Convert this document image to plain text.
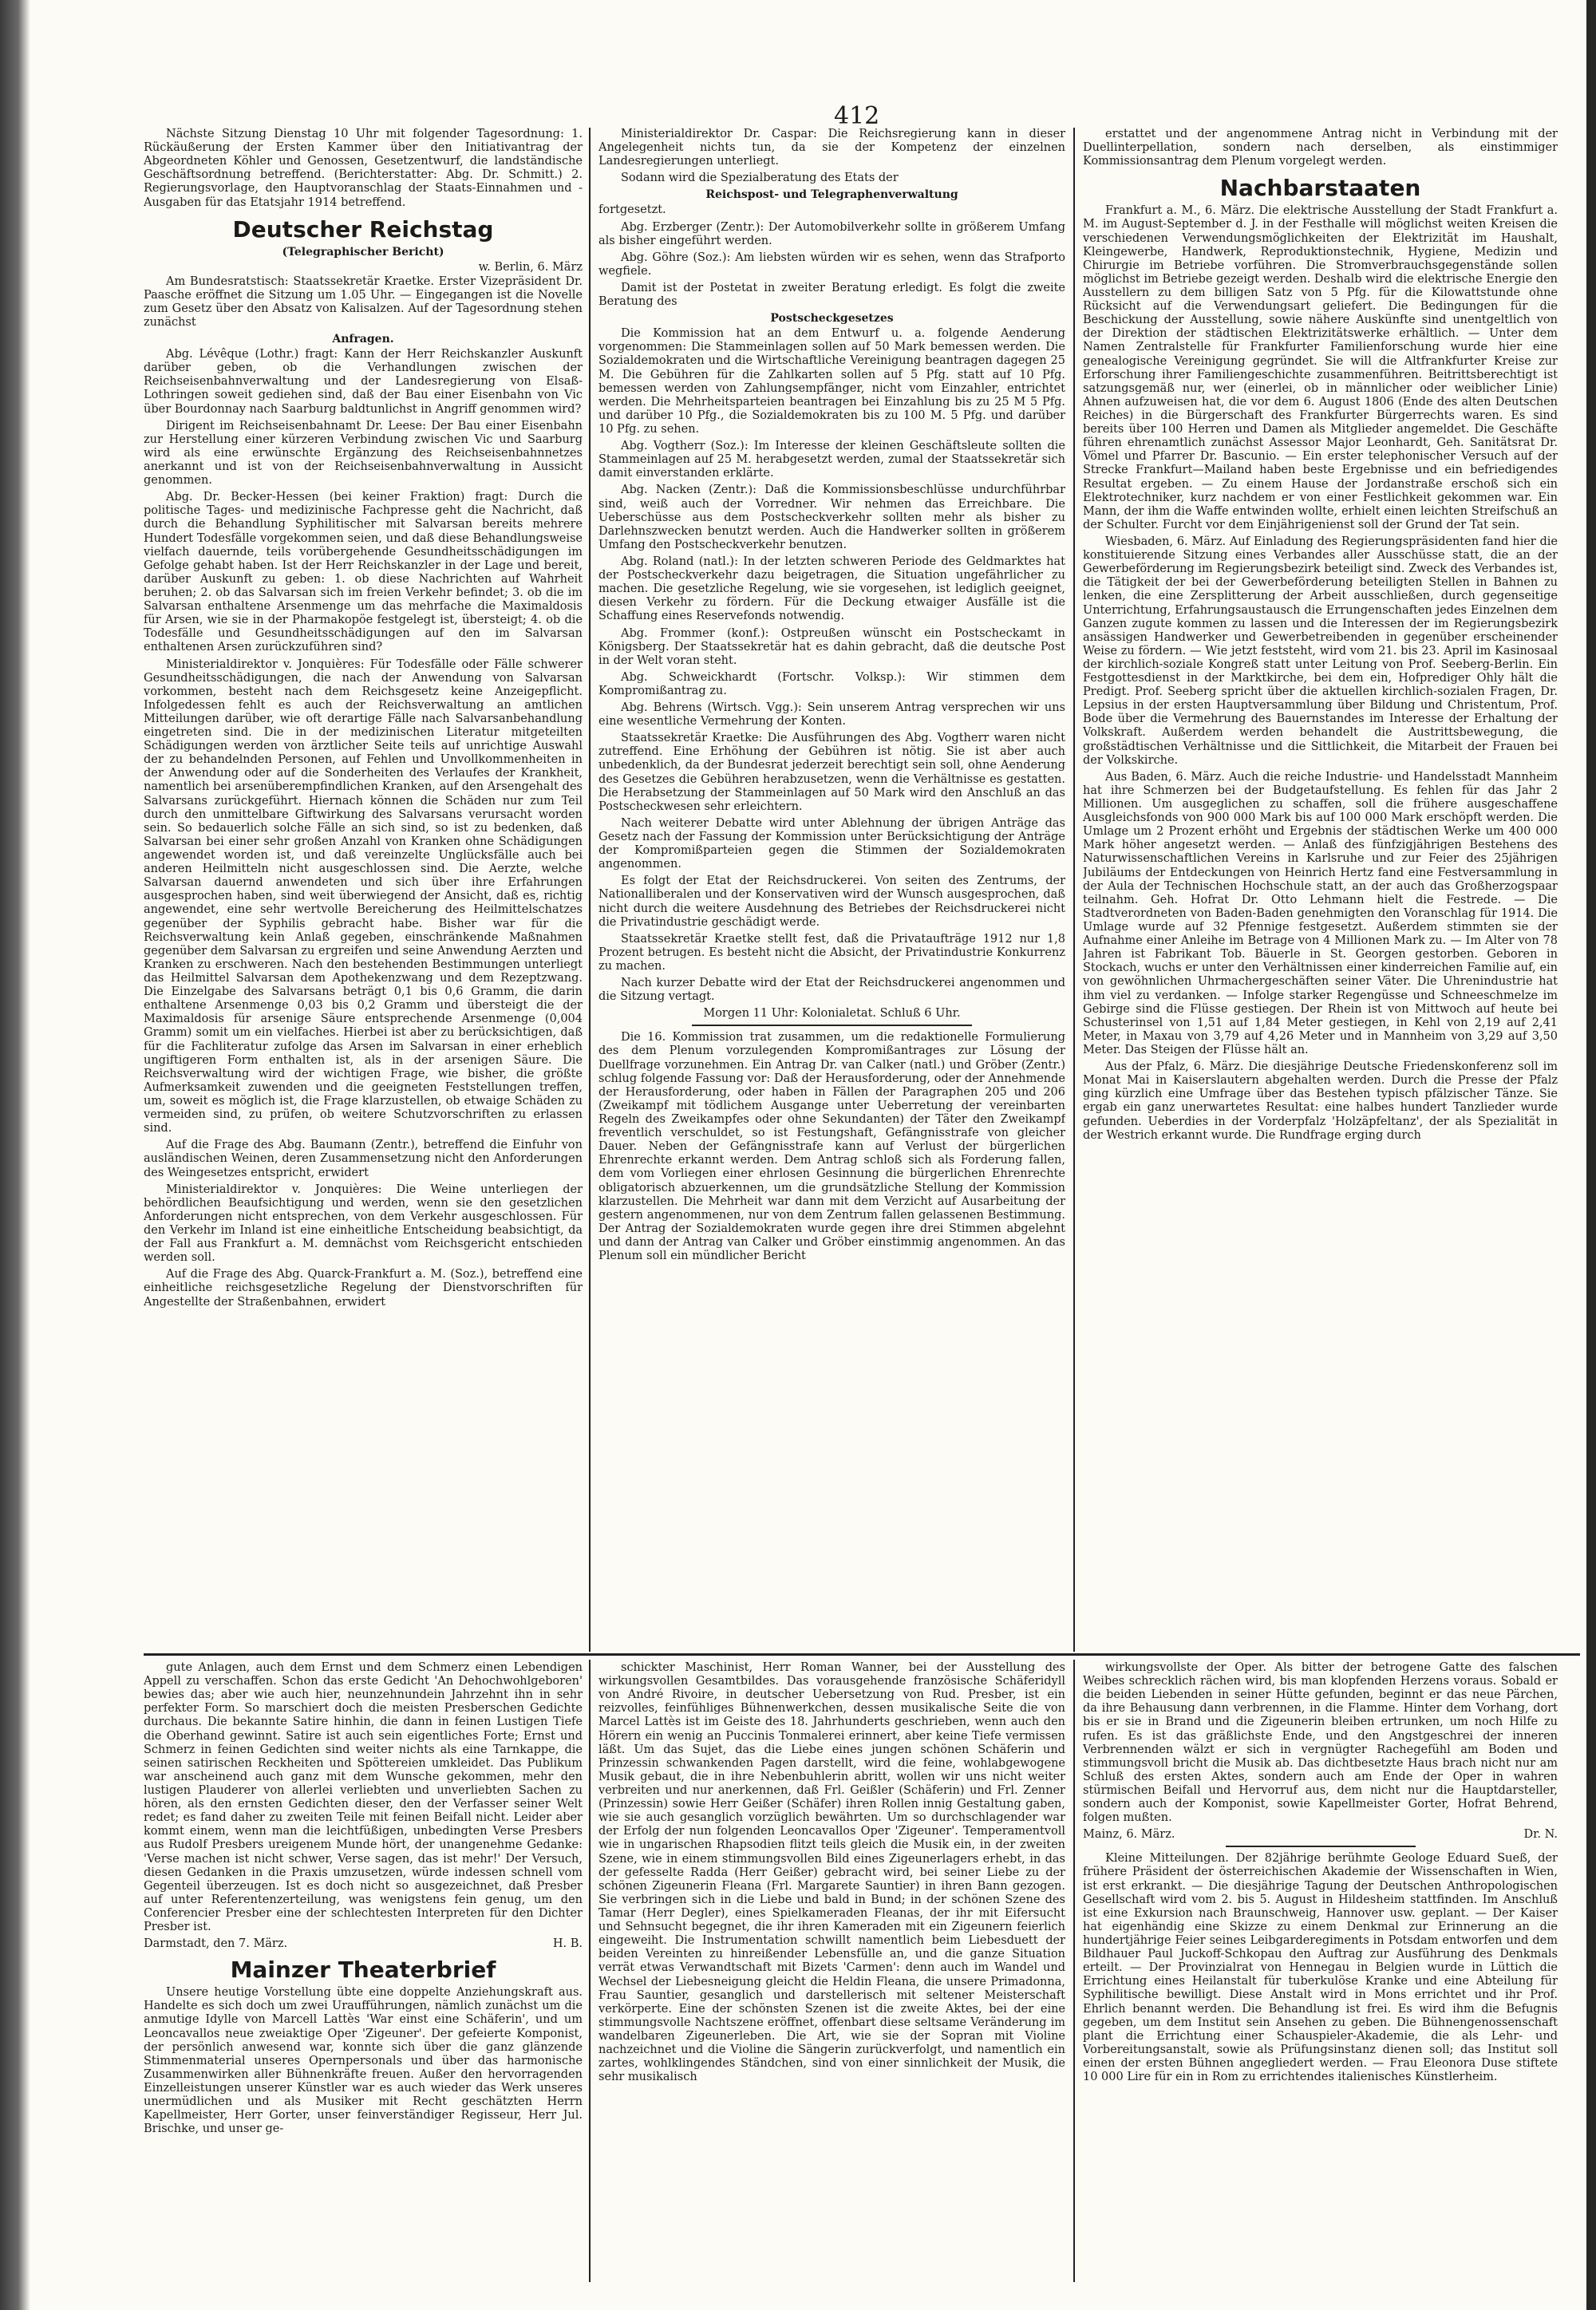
412

Nächste Sitzung Dienstag 10 Uhr mit folgender Tagesordnung: 1. Rückäußerung der Ersten Kammer über den Initiativantrag der Abgeordneten Köhler und Genossen, Gesetzentwurf, die landständische Geschäftsordnung betreffend. (Berichterstatter: Abg. Dr. Schmitt.) 2. Regierungsvorlage, den Hauptvoranschlag der Staats-Einnahmen und -Ausgaben für das Etatsjahr 1914 betreffend.

Deutscher Reichstag
(Telegraphischer Bericht)
w. Berlin, 6. März

Am Bundesratstisch: Staatssekretär Kraetke. Erster Vizepräsident Dr. Paasche eröffnet die Sitzung um 1.05 Uhr. — Eingegangen ist die Novelle zum Gesetz über den Absatz von Kalisalzen. Auf der Tagesordnung stehen zunächst

Anfragen.

Abg. Lévêque (Lothr.) fragt: Kann der Herr Reichskanzler Auskunft darüber geben, ob die Verhandlungen zwischen der Reichseisenbahnverwaltung und der Landesregierung von Elsaß-Lothringen soweit gediehen sind, daß der Bau einer Eisenbahn von Vic über Bourdonnay nach Saarburg baldtunlichst in Angriff genommen wird?

Dirigent im Reichseisenbahnamt Dr. Leese: Der Bau einer Eisenbahn zur Herstellung einer kürzeren Verbindung zwischen Vic und Saarburg wird als eine erwünschte Ergänzung des Reichseisenbahnnetzes anerkannt und ist von der Reichseisenbahnverwaltung in Aussicht genommen.

Abg. Dr. Becker-Hessen (bei keiner Fraktion) fragt: Durch die politische Tages- und medizinische Fachpresse geht die Nachricht, daß durch die Behandlung Syphilitischer mit Salvarsan bereits mehrere Hundert Todesfälle vorgekommen seien, und daß diese Behandlungsweise vielfach dauernde, teils vorübergehende Gesundheitsschädigungen im Gefolge gehabt haben. Ist der Herr Reichskanzler in der Lage und bereit, darüber Auskunft zu geben: 1. ob diese Nachrichten auf Wahrheit beruhen; 2. ob das Salvarsan sich im freien Verkehr befindet; 3. ob die im Salvarsan enthaltene Arsenmenge um das mehrfache die Maximaldosis für Arsen, wie sie in der Pharmakopöe festgelegt ist, übersteigt; 4. ob die Todesfälle und Gesundheitsschädigungen auf den im Salvarsan enthaltenen Arsen zurückzuführen sind?

Ministerialdirektor v. Jonquières: Für Todesfälle oder Fälle schwerer Gesundheitsschädigungen, die nach der Anwendung von Salvarsan vorkommen, besteht nach dem Reichsgesetz keine Anzeigepflicht. Infolgedessen fehlt es auch der Reichsverwaltung an amtlichen Mitteilungen darüber, wie oft derartige Fälle nach Salvarsanbehandlung eingetreten sind. Die in der medizinischen Literatur mitgeteilten Schädigungen werden von ärztlicher Seite teils auf unrichtige Auswahl der zu behandelnden Personen, auf Fehlen und Unvollkommenheiten in der Anwendung oder auf die Sonderheiten des Verlaufes der Krankheit, namentlich bei arsenüberempfindlichen Kranken, auf den Arsengehalt des Salvarsans zurückgeführt. Hiernach können die Schäden nur zum Teil durch den unmittelbare Giftwirkung des Salvarsans verursacht worden sein. So bedauerlich solche Fälle an sich sind, so ist zu bedenken, daß Salvarsan bei einer sehr großen Anzahl von Kranken ohne Schädigungen angewendet worden ist, und daß vereinzelte Unglücksfälle auch bei anderen Heilmitteln nicht ausgeschlossen sind. Die Aerzte, welche Salvarsan dauernd anwendeten und sich über ihre Erfahrungen ausgesprochen haben, sind weit überwiegend der Ansicht, daß es, richtig angewendet, eine sehr wertvolle Bereicherung des Heilmittelschatzes gegenüber der Syphilis gebracht habe. Bisher war für die Reichsverwaltung kein Anlaß gegeben, einschränkende Maßnahmen gegenüber dem Salvarsan zu ergreifen und seine Anwendung Aerzten und Kranken zu erschweren. Nach den bestehenden Bestimmungen unterliegt das Heilmittel Salvarsan dem Apothekenzwang und dem Rezeptzwang. Die Einzelgabe des Salvarsans beträgt 0,1 bis 0,6 Gramm, die darin enthaltene Arsenmenge 0,03 bis 0,2 Gramm und übersteigt die der Maximaldosis für arsenige Säure entsprechende Arsenmenge (0,004 Gramm) somit um ein vielfaches. Hierbei ist aber zu berücksichtigen, daß für die Fachliteratur zufolge das Arsen im Salvarsan in einer erheblich ungiftigeren Form enthalten ist, als in der arsenigen Säure. Die Reichsverwaltung wird der wichtigen Frage, wie bisher, die größte Aufmerksamkeit zuwenden und die geeigneten Feststellungen treffen, um, soweit es möglich ist, die Frage klarzustellen, ob etwaige Schäden zu vermeiden sind, zu prüfen, ob weitere Schutzvorschriften zu erlassen sind.

Auf die Frage des Abg. Baumann (Zentr.), betreffend die Einfuhr von ausländischen Weinen, deren Zusammensetzung nicht den Anforderungen des Weingesetzes entspricht, erwidert

Ministerialdirektor v. Jonquières: Die Weine unterliegen der behördlichen Beaufsichtigung und werden, wenn sie den gesetzlichen Anforderungen nicht entsprechen, von dem Verkehr ausgeschlossen. Für den Verkehr im Inland ist eine einheitliche Entscheidung beabsichtigt, da der Fall aus Frankfurt a. M. demnächst vom Reichsgericht entschieden werden soll.

Auf die Frage des Abg. Quarck-Frankfurt a. M. (Soz.), betreffend eine einheitliche reichsgesetzliche Regelung der Dienstvorschriften für Angestellte der Straßenbahnen, erwidert

Ministerialdirektor Dr. Caspar: Die Reichsregierung kann in dieser Angelegenheit nichts tun, da sie der Kompetenz der einzelnen Landesregierungen unterliegt.

Sodann wird die Spezialberatung des Etats der

Reichspost- und Telegraphenverwaltung

fortgesetzt.

Abg. Erzberger (Zentr.): Der Automobilverkehr sollte in größerem Umfang als bisher eingeführt werden.

Abg. Göhre (Soz.): Am liebsten würden wir es sehen, wenn das Strafporto wegfiele.

Damit ist der Postetat in zweiter Beratung erledigt. Es folgt die zweite Beratung des

Postscheckgesetzes

Die Kommission hat an dem Entwurf u. a. folgende Aenderung vorgenommen: Die Stammeinlagen sollen auf 50 Mark bemessen werden. Die Sozialdemokraten und die Wirtschaftliche Vereinigung beantragen dagegen 25 M. Die Gebühren für die Zahlkarten sollen auf 5 Pfg. statt auf 10 Pfg. bemessen werden von Zahlungsempfänger, nicht vom Einzahler, entrichtet werden. Die Mehrheitsparteien beantragen bei Einzahlung bis zu 25 M 5 Pfg. und darüber 10 Pfg., die Sozialdemokraten bis zu 100 M. 5 Pfg. und darüber 10 Pfg. zu sehen.

Abg. Vogtherr (Soz.): Im Interesse der kleinen Geschäftsleute sollten die Stammeinlagen auf 25 M. herabgesetzt werden, zumal der Staatssekretär sich damit einverstanden erklärte.

Abg. Nacken (Zentr.): Daß die Kommissionsbeschlüsse undurchführbar sind, weiß auch der Vorredner. Wir nehmen das Erreichbare. Die Ueberschüsse aus dem Postscheckverkehr sollten mehr als bisher zu Darlehnszwecken benutzt werden. Auch die Handwerker sollten in größerem Umfang den Postscheckverkehr benutzen.

Abg. Roland (natl.): In der letzten schweren Periode des Geldmarktes hat der Postscheckverkehr dazu beigetragen, die Situation ungefährlicher zu machen. Die gesetzliche Regelung, wie sie vorgesehen, ist lediglich geeignet, diesen Verkehr zu fördern. Für die Deckung etwaiger Ausfälle ist die Schaffung eines Reservefonds notwendig.

Abg. Frommer (konf.): Ostpreußen wünscht ein Postscheckamt in Königsberg. Der Staatssekretär hat es dahin gebracht, daß die deutsche Post in der Welt voran steht.

Abg. Schweickhardt (Fortschr. Volksp.): Wir stimmen dem Kompromißantrag zu.

Abg. Behrens (Wirtsch. Vgg.): Sein unserem Antrag versprechen wir uns eine wesentliche Vermehrung der Konten.

Staatssekretär Kraetke: Die Ausführungen des Abg. Vogtherr waren nicht zutreffend. Eine Erhöhung der Gebühren ist nötig. Sie ist aber auch unbedenklich, da der Bundesrat jederzeit berechtigt sein soll, ohne Aenderung des Gesetzes die Gebühren herabzusetzen, wenn die Verhältnisse es gestatten. Die Herabsetzung der Stammeinlagen auf 50 Mark wird den Anschluß an das Postscheckwesen sehr erleichtern.

Nach weiterer Debatte wird unter Ablehnung der übrigen Anträge das Gesetz nach der Fassung der Kommission unter Berücksichtigung der Anträge der Kompromißparteien gegen die Stimmen der Sozialdemokraten angenommen.

Es folgt der Etat der Reichsdruckerei. Von seiten des Zentrums, der Nationalliberalen und der Konservativen wird der Wunsch ausgesprochen, daß nicht durch die weitere Ausdehnung des Betriebes der Reichsdruckerei nicht die Privatindustrie geschädigt werde.

Staatssekretär Kraetke stellt fest, daß die Privataufträge 1912 nur 1,8 Prozent betrugen. Es besteht nicht die Absicht, der Privatindustrie Konkurrenz zu machen.

Nach kurzer Debatte wird der Etat der Reichsdruckerei angenommen und die Sitzung vertagt.

Morgen 11 Uhr: Kolonialetat. Schluß 6 Uhr.

Die 16. Kommission trat zusammen, um die redaktionelle Formulierung des dem Plenum vorzulegenden Kompromißantrages zur Lösung der Duellfrage vorzunehmen. Ein Antrag Dr. van Calker (natl.) und Gröber (Zentr.) schlug folgende Fassung vor: Daß der Herausforderung, oder der Annehmende der Herausforderung, oder haben in Fällen der Paragraphen 205 und 206 (Zweikampf mit tödlichem Ausgange unter Ueberretung der vereinbarten Regeln des Zweikampfes oder ohne Sekundanten) der Täter den Zweikampf freventlich verschuldet, so ist Festungshaft, Gefängnisstrafe von gleicher Dauer. Neben der Gefängnisstrafe kann auf Verlust der bürgerlichen Ehrenrechte erkannt werden. Dem Antrag schloß sich als Forderung fallen, dem vom Vorliegen einer ehrlosen Gesinnung die bürgerlichen Ehrenrechte obligatorisch abzuerkennen, um die grundsätzliche Stellung der Kommission klarzustellen. Die Mehrheit war dann mit dem Verzicht auf Ausarbeitung der gestern angenommenen, nur von dem Zentrum fallen gelassenen Bestimmung. Der Antrag der Sozialdemokraten wurde gegen ihre drei Stimmen abgelehnt und dann der Antrag van Calker und Gröber einstimmig angenommen. An das Plenum soll ein mündlicher Bericht

erstattet und der angenommene Antrag nicht in Verbindung mit der Duellinterpellation, sondern nach derselben, als einstimmiger Kommissionsantrag dem Plenum vorgelegt werden.

Nachbarstaaten

Frankfurt a. M., 6. März. Die elektrische Ausstellung der Stadt Frankfurt a. M. im August-September d. J. in der Festhalle will möglichst weiten Kreisen die verschiedenen Verwendungsmöglichkeiten der Elektrizität im Haushalt, Kleingewerbe, Handwerk, Reproduktionstechnik, Hygiene, Medizin und Chirurgie im Betriebe vorführen. Die Stromverbrauchsgegenstände sollen möglichst im Betriebe gezeigt werden. Deshalb wird die elektrische Energie den Ausstellern zu dem billigen Satz von 5 Pfg. für die Kilowattstunde ohne Rücksicht auf die Verwendungsart geliefert. Die Bedingungen für die Beschickung der Ausstellung, sowie nähere Auskünfte sind unentgeltlich von der Direktion der städtischen Elektrizitätswerke erhältlich. — Unter dem Namen Zentralstelle für Frankfurter Familienforschung wurde hier eine genealogische Vereinigung gegründet. Sie will die Altfrankfurter Kreise zur Erforschung ihrer Familiengeschichte zusammenführen. Beitrittsberechtigt ist satzungsgemäß nur, wer (einerlei, ob in männlicher oder weiblicher Linie) Ahnen aufzuweisen hat, die vor dem 6. August 1806 (Ende des alten Deutschen Reiches) in die Bürgerschaft des Frankfurter Bürgerrechts waren. Es sind bereits über 100 Herren und Damen als Mitglieder angemeldet. Die Geschäfte führen ehrenamtlich zunächst Assessor Major Leonhardt, Geh. Sanitätsrat Dr. Vömel und Pfarrer Dr. Bascunio. — Ein erster telephonischer Versuch auf der Strecke Frankfurt—Mailand haben beste Ergebnisse und ein befriedigendes Resultat ergeben. — Zu einem Hause der Jordanstraße erschoß sich ein Elektrotechniker, kurz nachdem er von einer Festlichkeit gekommen war. Ein Mann, der ihm die Waffe entwinden wollte, erhielt einen leichten Streifschuß an der Schulter. Furcht vor dem Einjährigenienst soll der Grund der Tat sein.

Wiesbaden, 6. März. Auf Einladung des Regierungspräsidenten fand hier die konstituierende Sitzung eines Verbandes aller Ausschüsse statt, die an der Gewerbeförderung im Regierungsbezirk beteiligt sind. Zweck des Verbandes ist, die Tätigkeit der bei der Gewerbeförderung beteiligten Stellen in Bahnen zu lenken, die eine Zersplitterung der Arbeit ausschließen, durch gegenseitige Unterrichtung, Erfahrungsaustausch die Errungenschaften jedes Einzelnen dem Ganzen zugute kommen zu lassen und die Interessen der im Regierungsbezirk ansässigen Handwerker und Gewerbetreibenden in gegenüber erscheinender Weise zu fördern. — Wie jetzt feststeht, wird vom 21. bis 23. April im Kasinosaal der kirchlich-soziale Kongreß statt unter Leitung von Prof. Seeberg-Berlin. Ein Festgottesdienst in der Marktkirche, bei dem ein, Hofprediger Ohly hält die Predigt. Prof. Seeberg spricht über die aktuellen kirchlich-sozialen Fragen, Dr. Lepsius in der ersten Hauptversammlung über Bildung und Christentum, Prof. Bode über die Vermehrung des Bauernstandes im Interesse der Erhaltung der Volkskraft. Außerdem werden behandelt die Austrittsbewegung, die großstädtischen Verhältnisse und die Sittlichkeit, die Mitarbeit der Frauen bei der Volkskirche.

Aus Baden, 6. März. Auch die reiche Industrie- und Handelsstadt Mannheim hat ihre Schmerzen bei der Budgetaufstellung. Es fehlen für das Jahr 2 Millionen. Um ausgeglichen zu schaffen, soll die frühere ausgeschaffene Ausgleichsfonds von 900 000 Mark bis auf 100 000 Mark erschöpft werden. Die Umlage um 2 Prozent erhöht und Ergebnis der städtischen Werke um 400 000 Mark höher angesetzt werden. — Anlaß des fünfzigjährigen Bestehens des Naturwissenschaftlichen Vereins in Karlsruhe und zur Feier des 25jährigen Jubiläums der Entdeckungen von Heinrich Hertz fand eine Festversammlung in der Aula der Technischen Hochschule statt, an der auch das Großherzogspaar teilnahm. Geh. Hofrat Dr. Otto Lehmann hielt die Festrede. — Die Stadtverordneten von Baden-Baden genehmigten den Voranschlag für 1914. Die Umlage wurde auf 32 Pfennige festgesetzt. Außerdem stimmten sie der Aufnahme einer Anleihe im Betrage von 4 Millionen Mark zu. — Im Alter von 78 Jahren ist Fabrikant Tob. Bäuerle in St. Georgen gestorben. Geboren in Stockach, wuchs er unter den Verhältnissen einer kinderreichen Familie auf, ein von gewöhnlichen Uhrmachergeschäften seiner Väter. Die Uhrenindustrie hat ihm viel zu verdanken. — Infolge starker Regengüsse und Schneeschmelze im Gebirge sind die Flüsse gestiegen. Der Rhein ist von Mittwoch auf heute bei Schusterinsel von 1,51 auf 1,84 Meter gestiegen, in Kehl von 2,19 auf 2,41 Meter, in Maxau von 3,79 auf 4,26 Meter und in Mannheim von 3,29 auf 3,50 Meter. Das Steigen der Flüsse hält an.

Aus der Pfalz, 6. März. Die diesjährige Deutsche Friedenskonferenz soll im Monat Mai in Kaiserslautern abgehalten werden. Durch die Presse der Pfalz ging kürzlich eine Umfrage über das Bestehen typisch pfälzischer Tänze. Sie ergab ein ganz unerwartetes Resultat: eine halbes hundert Tanzlieder wurde gefunden. Ueberdies in der Vorderpfalz 'Holzäpfeltanz', der als Spezialität in der Westrich erkannt wurde. Die Rundfrage erging durch

gute Anlagen, auch dem Ernst und dem Schmerz einen Lebendigen Appell zu verschaffen. Schon das erste Gedicht 'An Dehochwohlgeboren' bewies das; aber wie auch hier, neunzehnundein Jahrzehnt ihn in sehr perfekter Form. So marschiert doch die meisten Presberschen Gedichte durchaus. Die bekannte Satire hinhin, die dann in feinen Lustigen Tiefe die Oberhand gewinnt. Satire ist auch sein eigentliches Forte; Ernst und Schmerz in feinen Gedichten sind weiter nichts als eine Tarnkappe, die seinen satirischen Reckheiten und Spöttereien umkleidet. Das Publikum war anscheinend auch ganz mit dem Wunsche gekommen, mehr den lustigen Plauderer von allerlei verliebten und unverliebten Sachen zu hören, als den ernsten Gedichten dieser, den der Verfasser seiner Welt redet; es fand daher zu zweiten Teile mit feinen Beifall nicht. Leider aber kommt einem, wenn man die leichtfüßigen, unbedingten Verse Presbers aus Rudolf Presbers ureigenem Munde hört, der unangenehme Gedanke: 'Verse machen ist nicht schwer, Verse sagen, das ist mehr!' Der Versuch, diesen Gedanken in die Praxis umzusetzen, würde indessen schnell vom Gegenteil überzeugen. Ist es doch nicht so ausgezeichnet, daß Presber auf unter Referentenzerteilung, was wenigstens fein genug, um den Conferencier Presber eine der schlechtesten Interpreten für den Dichter Presber ist.

Darmstadt, den 7. März.	H. B.
Mainzer Theaterbrief

Unsere heutige Vorstellung übte eine doppelte Anziehungskraft aus. Handelte es sich doch um zwei Uraufführungen, nämlich zunächst um die anmutige Idylle von Marcell Lattès 'War einst eine Schäferin', und um Leoncavallos neue zweiaktige Oper 'Zigeuner'. Der gefeierte Komponist, der persönlich anwesend war, konnte sich über die ganz glänzende Stimmenmaterial unseres Opernpersonals und über das harmonische Zusammenwirken aller Bühnenkräfte freuen. Außer den hervorragenden Einzelleistungen unserer Künstler war es auch wieder das Werk unseres unermüdlichen und als Musiker mit Recht geschätzten Herrn Kapellmeister, Herr Gorter, unser feinverständiger Regisseur, Herr Jul. Brischke, und unser ge-

schickter Maschinist, Herr Roman Wanner, bei der Ausstellung des wirkungsvollen Gesamtbildes. Das vorausgehende französische Schäferidyll von André Rivoire, in deutscher Uebersetzung von Rud. Presber, ist ein reizvolles, feinfühliges Bühnenwerkchen, dessen musikalische Seite die von Marcel Lattès ist im Geiste des 18. Jahrhunderts geschrieben, wenn auch den Hörern ein wenig an Puccinis Tonmalerei erinnert, aber keine Tiefe vermissen läßt. Um das Sujet, das die Liebe eines jungen schönen Schäferin und Prinzessin schwankenden Pagen darstellt, wird die feine, wohlabgewogene Musik gebaut, die in ihre Nebenbuhlerin abritt, wollen wir uns nicht weiter verbreiten und nur anerkennen, daß Frl. Geißler (Schäferin) und Frl. Zenner (Prinzessin) sowie Herr Geißer (Schäfer) ihren Rollen innig Gestaltung gaben, wie sie auch gesanglich vorzüglich bewährten. Um so durchschlagender war der Erfolg der nun folgenden Leoncavallos Oper 'Zigeuner'. Temperamentvoll wie in ungarischen Rhapsodien flitzt teils gleich die Musik ein, in der zweiten Szene, wie in einem stimmungsvollen Bild eines Zigeunerlagers erhebt, in das der gefesselte Radda (Herr Geißer) gebracht wird, bei seiner Liebe zu der schönen Zigeunerin Fleana (Frl. Margarete Sauntier) in ihren Bann gezogen. Sie verbringen sich in die Liebe und bald in Bund; in der schönen Szene des Tamar (Herr Degler), eines Spielkameraden Fleanas, der ihr mit Eifersucht und Sehnsucht begegnet, die ihr ihren Kameraden mit ein Zigeunern feierlich eingeweiht. Die Instrumentation schwillt namentlich beim Liebesduett der beiden Vereinten zu hinreißender Lebensfülle an, und die ganze Situation verrät etwas Verwandtschaft mit Bizets 'Carmen': denn auch im Wandel und Wechsel der Liebesneigung gleicht die Heldin Fleana, die unsere Primadonna, Frau Sauntier, gesanglich und darstellerisch mit seltener Meisterschaft verkörperte. Eine der schönsten Szenen ist die zweite Aktes, bei der eine stimmungsvolle Nachtszene eröffnet, offenbart diese seltsame Veränderung im wandelbaren Zigeunerleben. Die Art, wie sie der Sopran mit Violine nachzeichnet und die Violine die Sängerin zurückverfolgt, und namentlich ein zartes, wohlklingendes Ständchen, sind von einer sinnlichkeit der Musik, die sehr musikalisch

wirkungsvollste der Oper. Als bitter der betrogene Gatte des falschen Weibes schrecklich rächen wird, bis man klopfenden Herzens voraus. Sobald er die beiden Liebenden in seiner Hütte gefunden, beginnt er das neue Pärchen, da ihre Behausung dann verbrennen, in die Flamme. Hinter dem Vorhang, dort bis er sie in Brand und die Zigeunerin bleiben ertrunken, um noch Hilfe zu rufen. Es ist das gräßlichste Ende, und den Angstgeschrei der inneren Verbrennenden wälzt er sich in vergnügter Rachegefühl am Boden und stimmungsvoll bricht die Musik ab. Das dichtbesetzte Haus brach nicht nur am Schluß des ersten Aktes, sondern auch am Ende der Oper in wahren stürmischen Beifall und Hervorruf aus, dem nicht nur die Hauptdarsteller, sondern auch der Komponist, sowie Kapellmeister Gorter, Hofrat Behrend, folgen mußten.

Mainz, 6. März.	Dr. N.

Kleine Mitteilungen. Der 82jährige berühmte Geologe Eduard Sueß, der frühere Präsident der österreichischen Akademie der Wissenschaften in Wien, ist erst erkrankt. — Die diesjährige Tagung der Deutschen Anthropologischen Gesellschaft wird vom 2. bis 5. August in Hildesheim stattfinden. Im Anschluß ist eine Exkursion nach Braunschweig, Hannover usw. geplant. — Der Kaiser hat eigenhändig eine Skizze zu einem Denkmal zur Erinnerung an die hundertjährige Feier seines Leibgarderegiments in Potsdam entworfen und dem Bildhauer Paul Juckoff-Schkopau den Auftrag zur Ausführung des Denkmals erteilt. — Der Provinzialrat von Hennegau in Belgien wurde in Lüttich die Errichtung eines Heilanstalt für tuberkulöse Kranke und eine Abteilung für Syphilitische bewilligt. Diese Anstalt wird in Mons errichtet und ihr Prof. Ehrlich benannt werden. Die Behandlung ist frei. Es wird ihm die Befugnis gegeben, um dem Institut sein Ansehen zu geben. Die Bühnengenossenschaft plant die Errichtung einer Schauspieler-Akademie, die als Lehr- und Vorbereitungsanstalt, sowie als Prüfungsinstanz dienen soll; das Institut soll einen der ersten Bühnen angegliedert werden. — Frau Eleonora Duse stiftete 10 000 Lire für ein in Rom zu errichtendes italienisches Künstlerheim.
